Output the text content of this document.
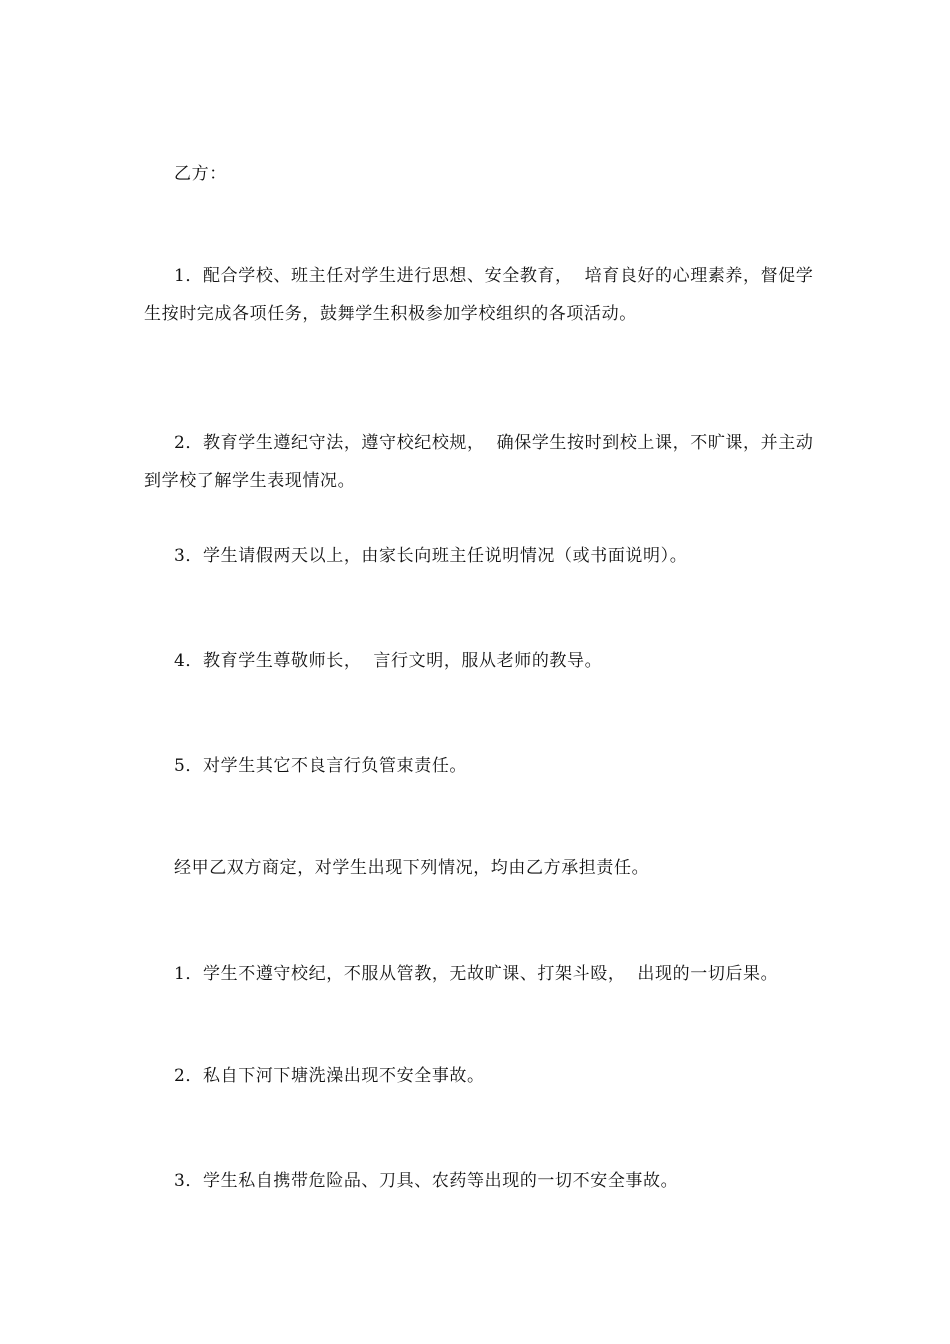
乙方：
1．配合学校、班主任对学生进行思想、安全教育，  培育良好的心理素养，督促学生按时完成各项任务，鼓舞学生积极参加学校组织的各项活动。
2．教育学生遵纪守法，遵守校纪校规，  确保学生按时到校上课，不旷课，并主动到学校了解学生表现情况。
3．学生请假两天以上，由家长向班主任说明情况（或书面说明）。
4．教育学生尊敬师长，  言行文明，服从老师的教导。
5．对学生其它不良言行负管束责任。
经甲乙双方商定，对学生出现下列情况，均由乙方承担责任。
1．学生不遵守校纪，不服从管教，无故旷课、打架斗殴，  出现的一切后果。
2．私自下河下塘洗澡出现不安全事故。
3．学生私自携带危险品、刀具、农药等出现的一切不安全事故。
